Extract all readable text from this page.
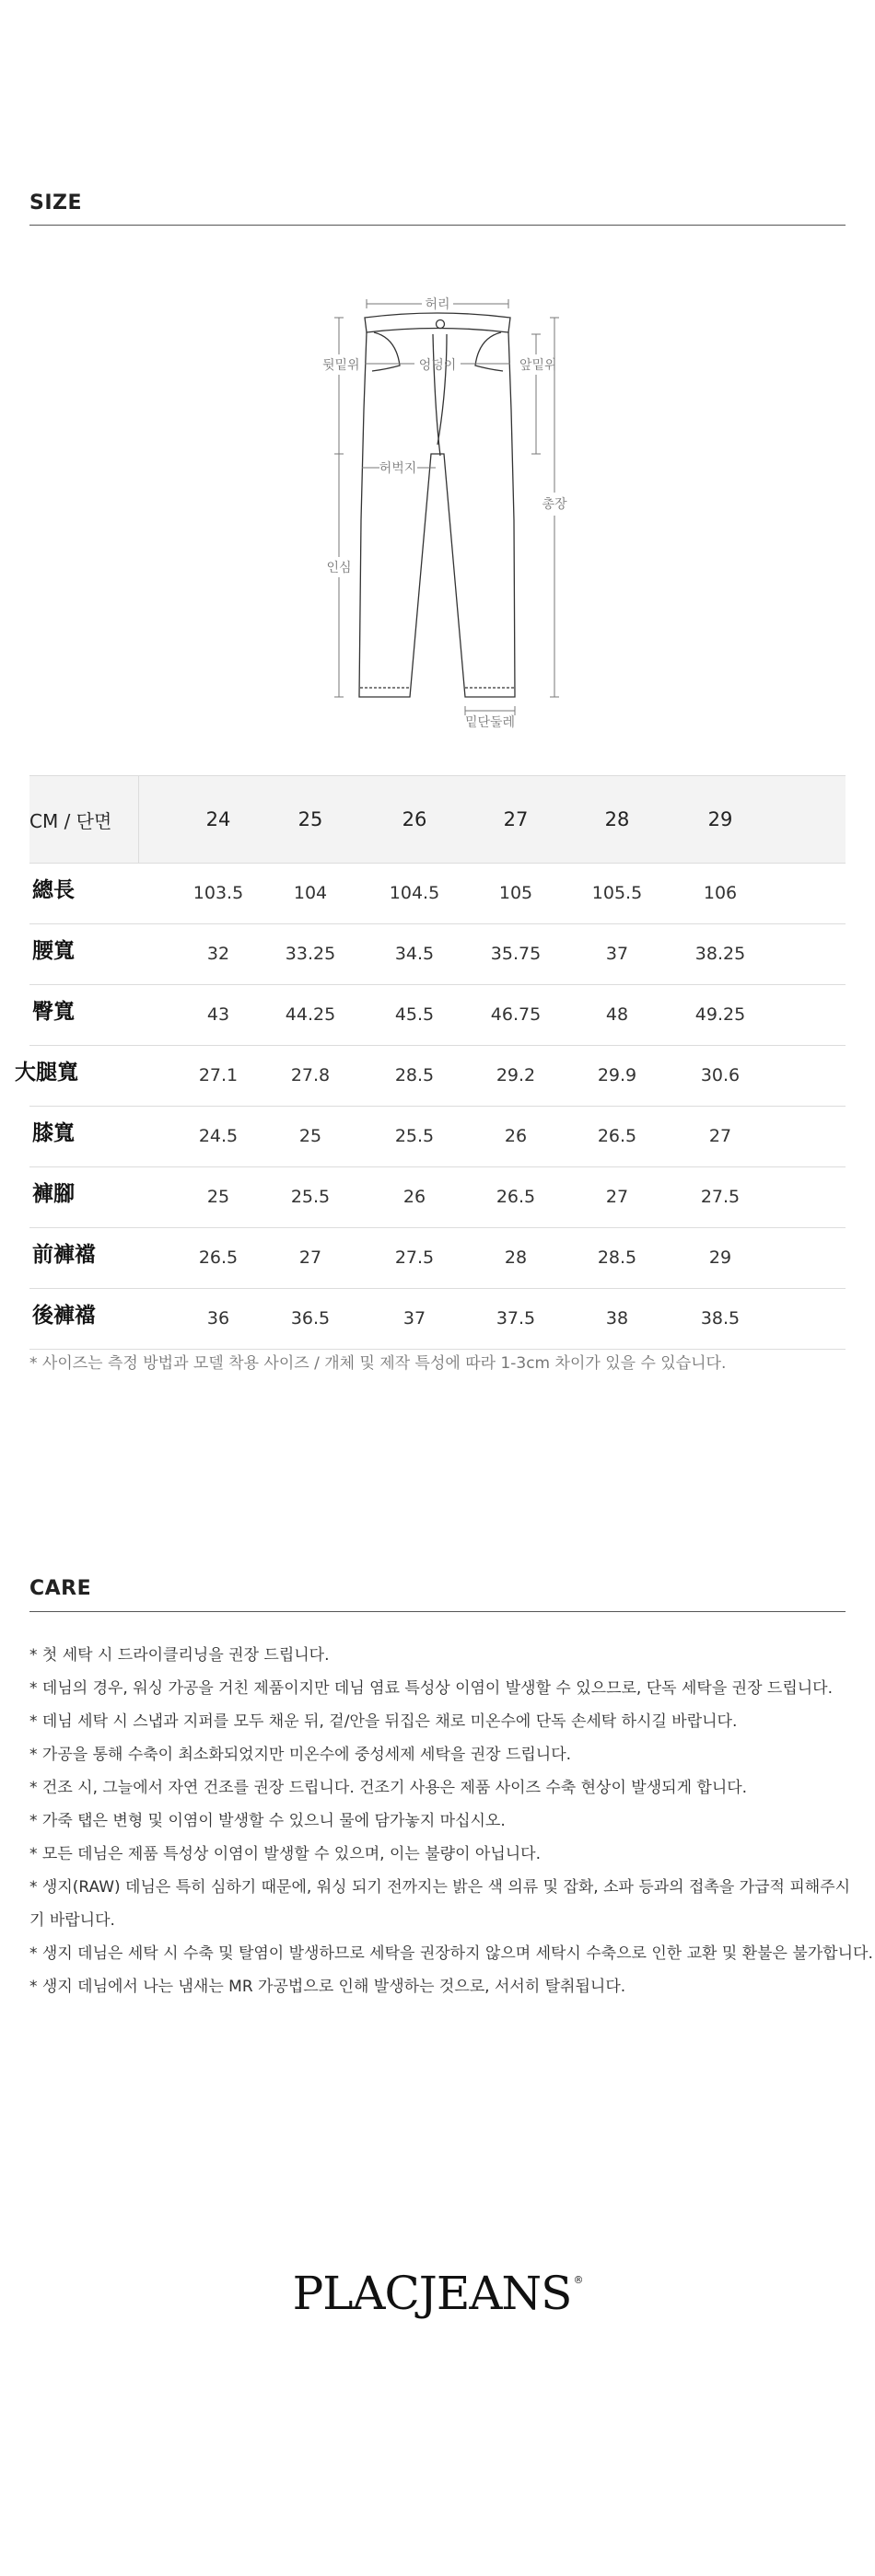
SIZE
허리
뒷밑위	엉덩이	앞밑위
허벅지
총장
인심
밑단둘레
CM / 단면	24	25	26	27	28	29
總長	103.5	104	104.5	105	105.5	106
腰寬	32	33.25	34.5	35.75	37	38.25
臀寬	43	44.25	45.5	46.75	48	49.25
大腿寬	27.1	27.8	28.5	29.2	29.9	30.6
膝寬	24.5	25	25.5	26	26.5	27
褲腳	25	25.5	26	26.5	27	27.5
前褲襠	26.5	27	27.5	28	28.5	29
後褲襠	36	36.5	37	37.5	38	38.5
* 사이즈는 측정 방법과 모델 착용 사이즈 / 개체 및 제작 특성에 따라 1-3cm 차이가 있을 수 있습니다.
CARE
* 첫 세탁 시 드라이클리닝을 권장 드립니다.
* 데님의 경우, 워싱 가공을 거친 제품이지만 데님 염료 특성상 이염이 발생할 수 있으므로, 단독 세탁을 권장 드립니다.
* 데님 세탁 시 스냅과 지퍼를 모두 채운 뒤, 겉/안을 뒤집은 채로 미온수에 단독 손세탁 하시길 바랍니다.
* 가공을 통해 수축이 최소화되었지만 미온수에 중성세제 세탁을 권장 드립니다.
* 건조 시, 그늘에서 자연 건조를 권장 드립니다. 건조기 사용은 제품 사이즈 수축 현상이 발생되게 합니다.
* 가죽 탭은 변형 및 이염이 발생할 수 있으니 물에 담가놓지 마십시오.
* 모든 데님은 제품 특성상 이염이 발생할 수 있으며, 이는 불량이 아닙니다.
* 생지(RAW) 데님은 특히 심하기 때문에, 워싱 되기 전까지는 밝은 색 의류 및 잡화, 소파 등과의 접촉을 가급적 피해주시기 바랍니다.
* 생지 데님은 세탁 시 수축 및 탈염이 발생하므로 세탁을 권장하지 않으며 세탁시 수축으로 인한 교환 및 환불은 불가합니다.
* 생지 데님에서 나는 냄새는 MR 가공법으로 인해 발생하는 것으로, 서서히 탈취됩니다.
PLACJEANS ®
